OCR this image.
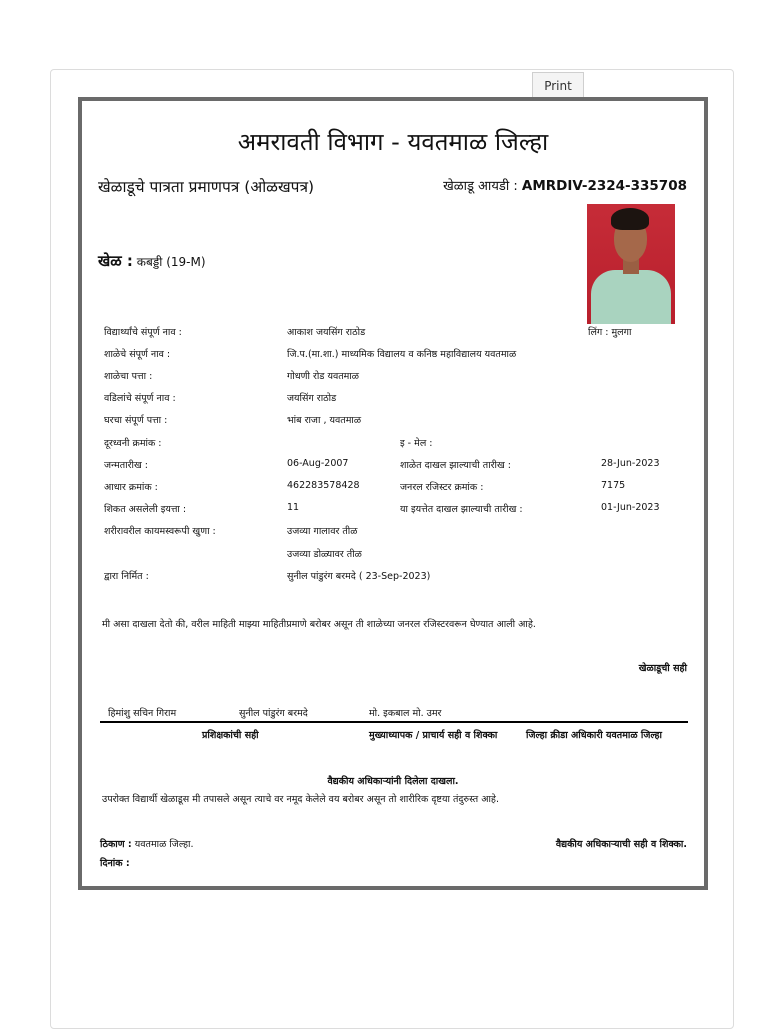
Print
अमरावती विभाग - यवतमाळ जिल्हा
खेळाडूचे पात्रता प्रमाणपत्र (ओळखपत्र)	खेळाडू आयडी : AMRDIV-2324-335708
खेळ : कबड्डी (19-M)
विद्यार्थ्यांचे संपूर्ण नाव :	आकाश जयसिंग राठोड	लिंग : मुलगा
शाळेचे संपूर्ण नाव :	जि.प.(मा.शा.) माध्यमिक विद्यालय व कनिष्ठ महाविद्यालय यवतमाळ
शाळेचा पत्ता :	गोधणी रोड यवतमाळ
वडिलांचे संपूर्ण नाव :	जयसिंग राठोड
घरचा संपूर्ण पत्ता :	भांब राजा , यवतमाळ
दूरध्वनी क्रमांक :	इ - मेल :
जन्मतारीख :	06-Aug-2007	शाळेत दाखल झाल्याची तारीख :	28-Jun-2023
आधार क्रमांक :	462283578428	जनरल रजिस्टर क्रमांक :	7175
शिकत असलेली इयत्ता :	11	या इयत्तेत दाखल झाल्याची तारीख :	01-Jun-2023
शरीरावरील कायमस्वरूपी खुणा :	उजव्या गालावर तीळ
उजव्या डोळ्यावर तीळ
द्वारा निर्मित :	सुनील पांडुरंग बरमदे ( 23-Sep-2023)
मी असा दाखला देतो की, वरील माहिती माझ्या माहितीप्रमाणे बरोबर असून ती शाळेच्या जनरल रजिस्टरवरून घेण्यात आली आहे.
खेळाडूची सही
हिमांशु सचिन गिराम	सुनील पांडुरंग बरमदे	मो. इकबाल मो. उमर
प्रशिक्षकांची सही	मुख्याध्यापक / प्राचार्य सही व शिक्का	जिल्हा क्रीडा अधिकारी यवतमाळ जिल्हा
वैद्यकीय अधिकाऱ्यांनी दिलेला दाखला.
उपरोक्त विद्यार्थी खेळाडूस मी तपासले असून त्याचे वर नमूद केलेले वय बरोबर असून तो शारीरिक दृष्टया तंदुरुस्त आहे.
ठिकाण : यवतमाळ जिल्हा.
दिनांक :
वैद्यकीय अधिकाऱ्याची सही व शिक्का.
